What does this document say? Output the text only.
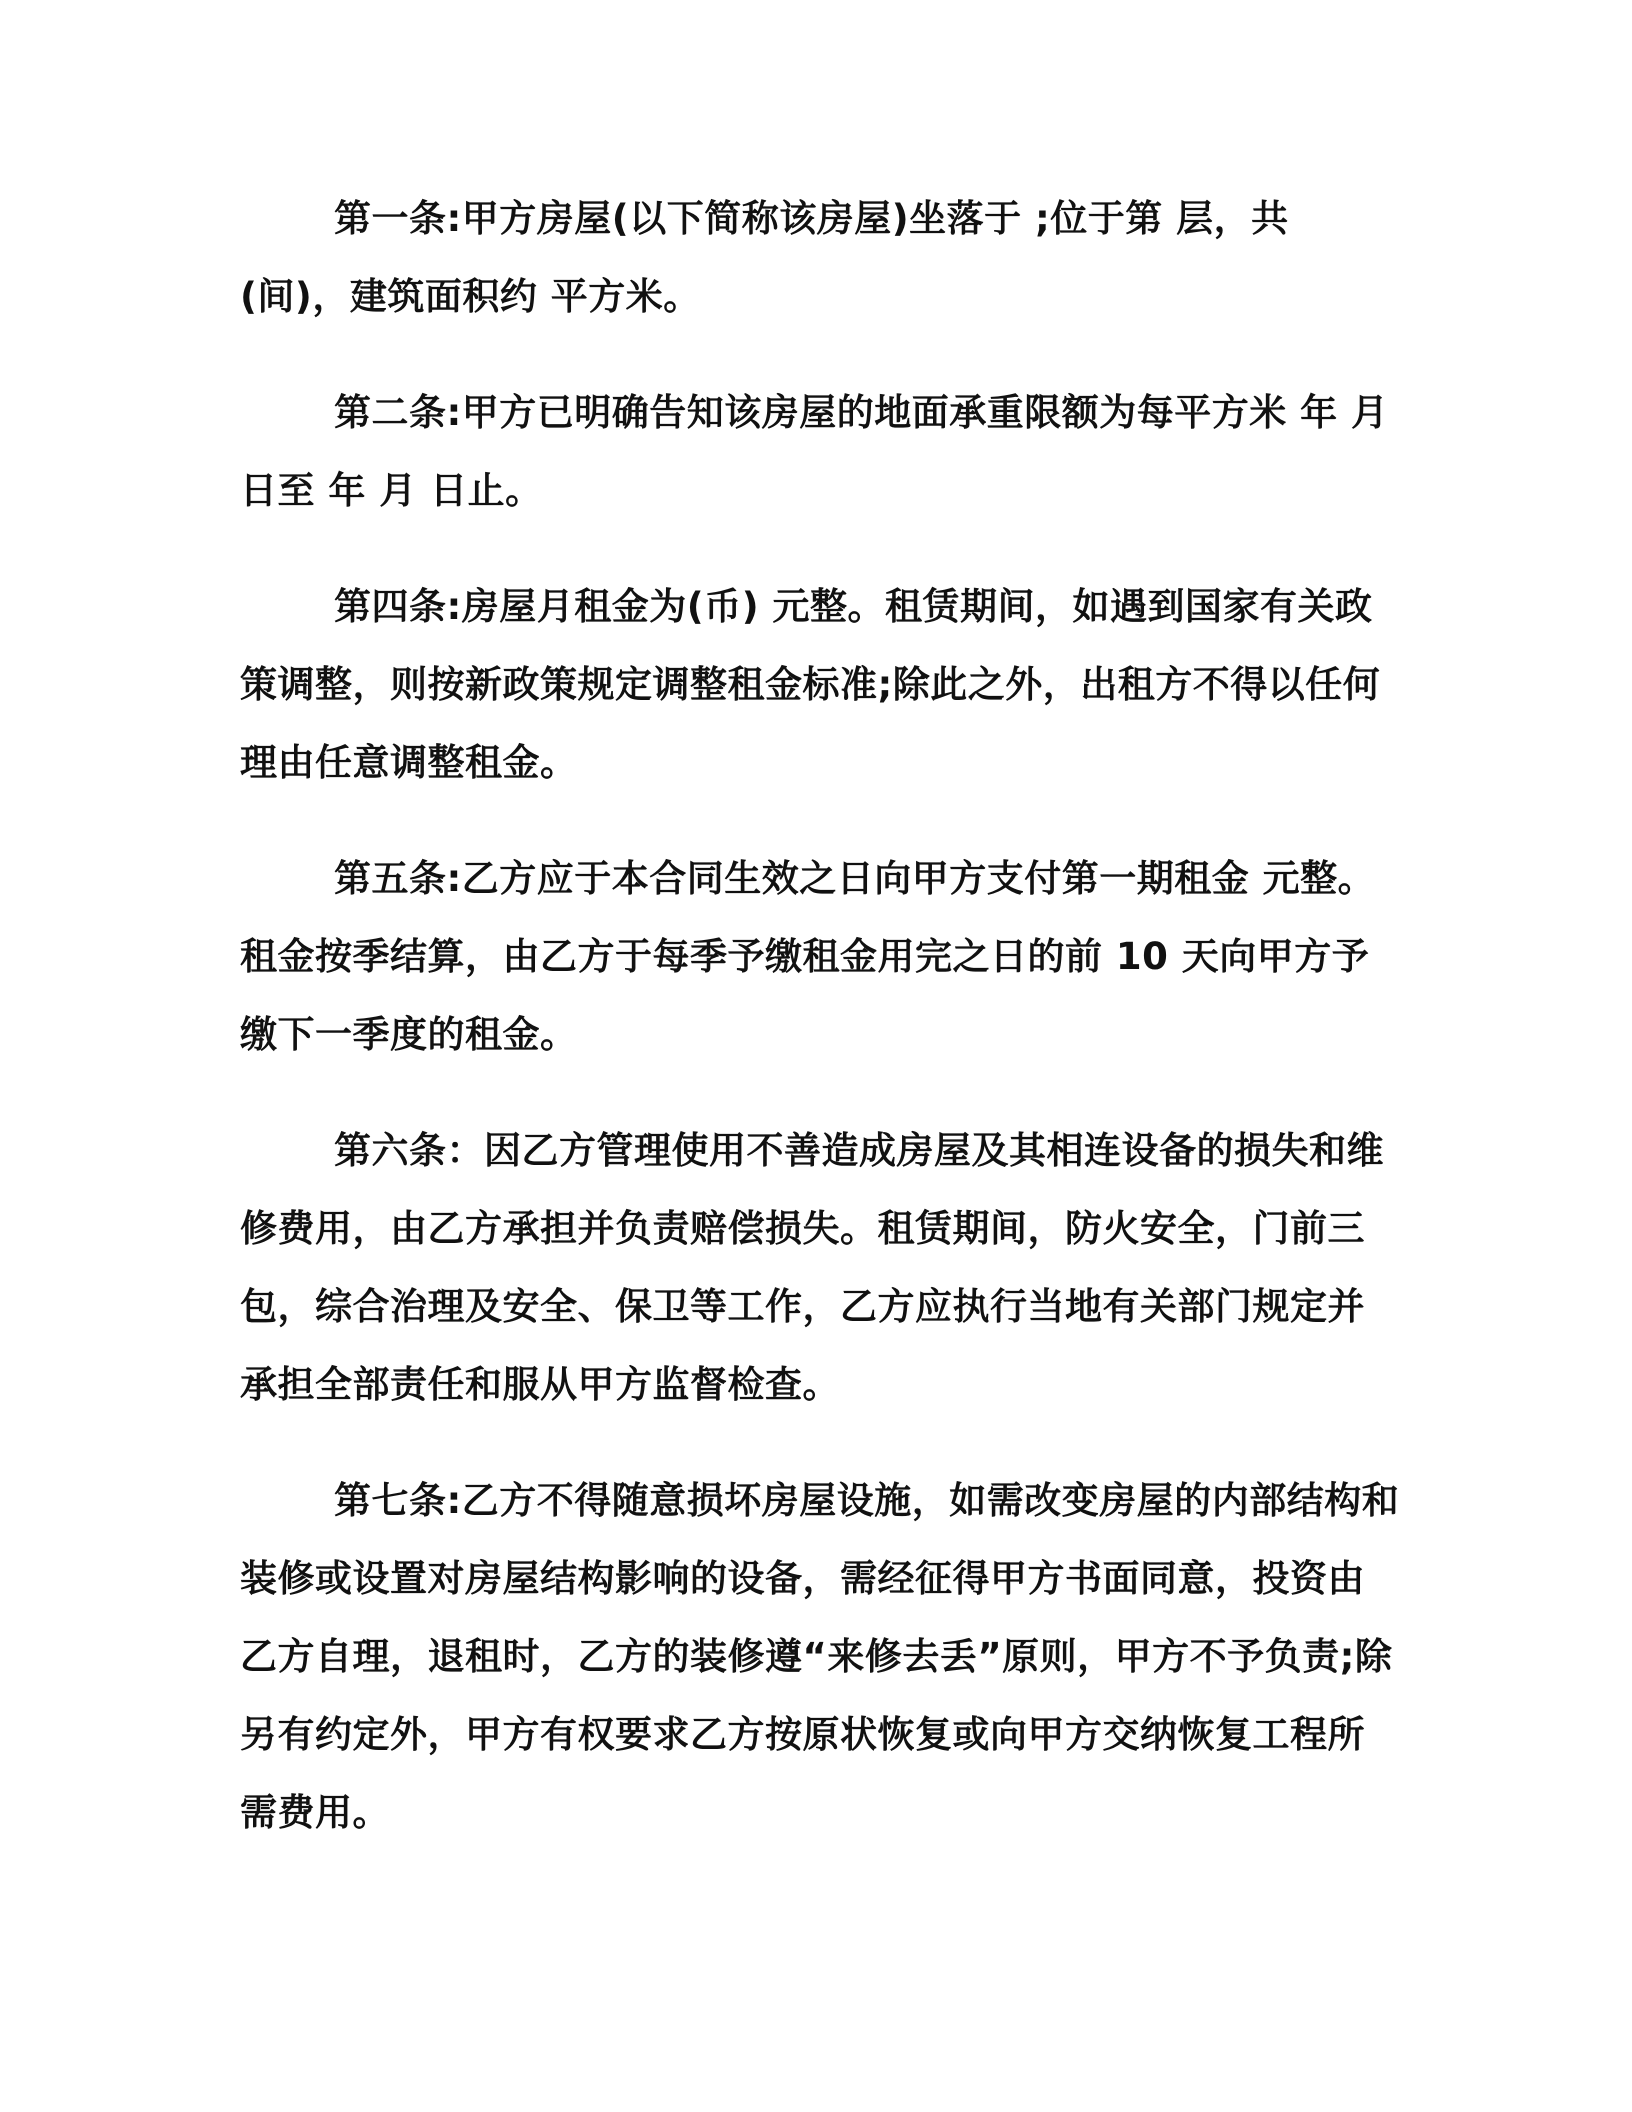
第一条:甲方房屋(以下简称该房屋)坐落于 ;位于第 层，共 (间)，建筑面积约 平方米。

第二条:甲方已明确告知该房屋的地面承重限额为每平方米 年 月日至 年 月 日止。

第四条:房屋月租金为(币) 元整。租赁期间，如遇到国家有关政策调整，则按新政策规定调整租金标准;除此之外，出租方不得以任何理由任意调整租金。

第五条:乙方应于本合同生效之日向甲方支付第一期租金 元整。租金按季结算，由乙方于每季予缴租金用完之日的前 10 天向甲方予缴下一季度的租金。

第六条：因乙方管理使用不善造成房屋及其相连设备的损失和维修费用，由乙方承担并负责赔偿损失。租赁期间，防火安全，门前三包，综合治理及安全、保卫等工作，乙方应执行当地有关部门规定并承担全部责任和服从甲方监督检查。

第七条:乙方不得随意损坏房屋设施，如需改变房屋的内部结构和装修或设置对房屋结构影响的设备，需经征得甲方书面同意，投资由乙方自理，退租时，乙方的装修遵“来修去丢”原则，甲方不予负责;除另有约定外，甲方有权要求乙方按原状恢复或向甲方交纳恢复工程所需费用。
